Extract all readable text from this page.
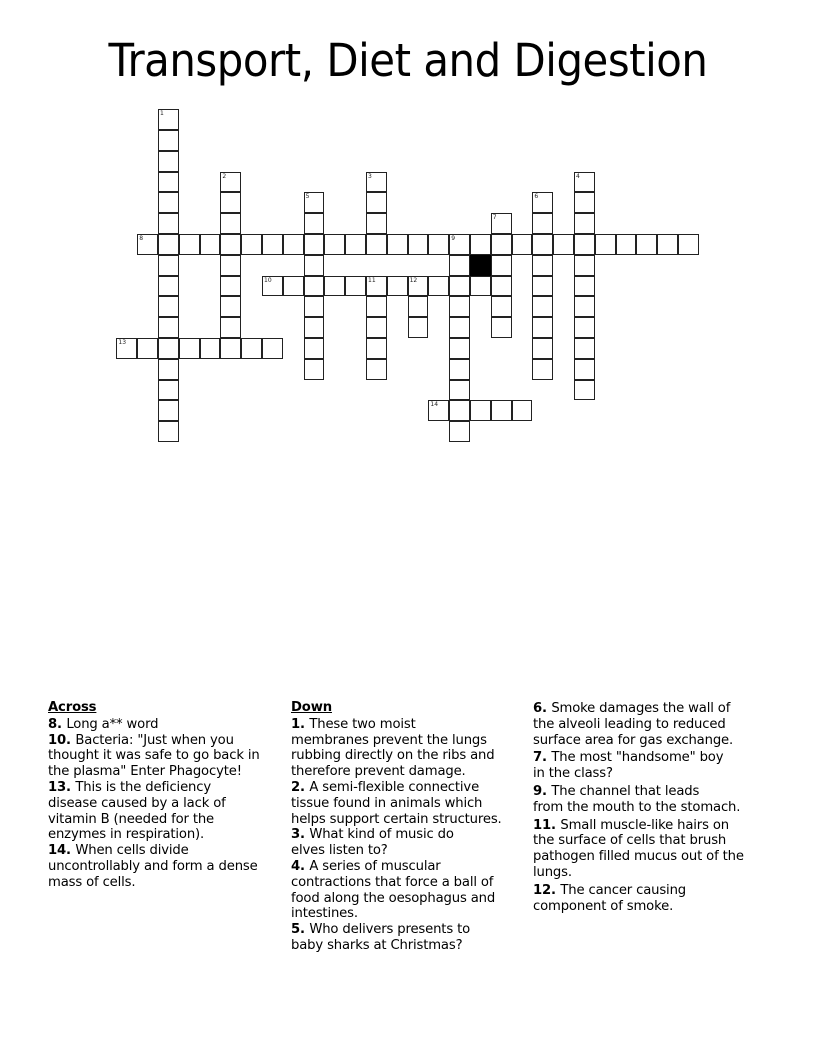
Transport, Diet and Digestion
1
2	3	4
5	6
7
8	9
10	11	12
13
14
Across
8. Long a** word
10. Bacteria: "Just when you
thought it was safe to go back in
the plasma" Enter Phagocyte!
13. This is the deficiency
disease caused by a lack of
vitamin B (needed for the
enzymes in respiration).
14. When cells divide
uncontrollably and form a dense
mass of cells.
Down
1. These two moist
membranes prevent the lungs
rubbing directly on the ribs and
therefore prevent damage.
2. A semi-flexible connective
tissue found in animals which
helps support certain structures.
3. What kind of music do
elves listen to?
4. A series of muscular
contractions that force a ball of
food along the oesophagus and
intestines.
5. Who delivers presents to
baby sharks at Christmas?
6. Smoke damages the wall of
the alveoli leading to reduced
surface area for gas exchange.
7. The most "handsome" boy
in the class?
9. The channel that leads
from the mouth to the stomach.
11. Small muscle-like hairs on
the surface of cells that brush
pathogen filled mucus out of the
lungs.
12. The cancer causing
component of smoke.
